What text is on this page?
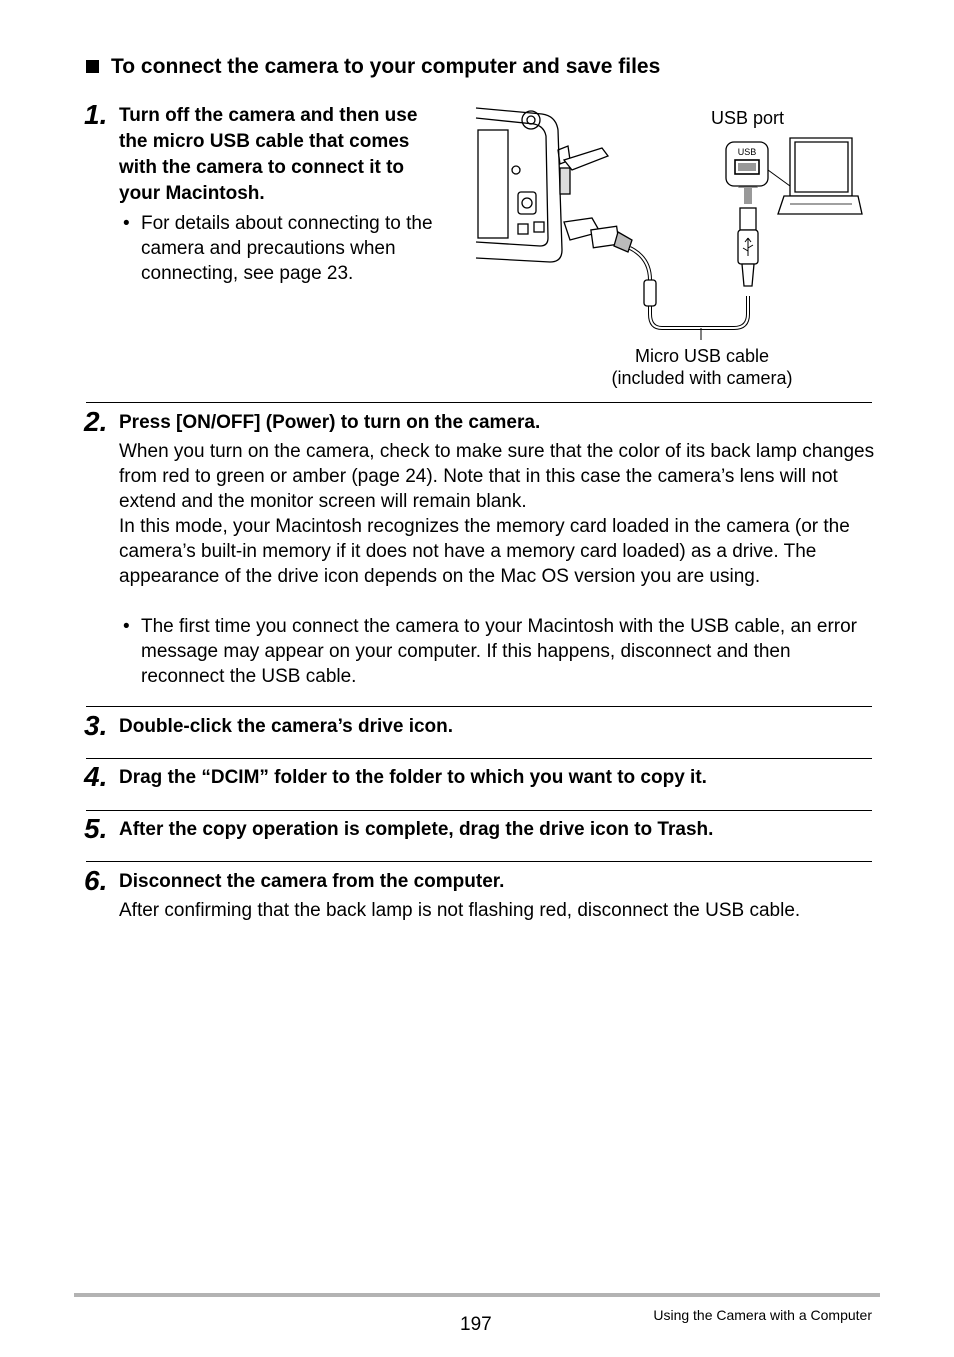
To connect the camera to your computer and save files
1. Turn off the camera and then use the micro USB cable that comes with the camera to connect it to your Macintosh.
• For details about connecting to the camera and precautions when connecting, see page 23.
USB
USB port
Micro USB cable
(included with camera)
2. Press [ON/OFF] (Power) to turn on the camera.
When you turn on the camera, check to make sure that the color of its back lamp changes from red to green or amber (page 24). Note that in this case the camera’s lens will not extend and the monitor screen will remain blank.
In this mode, your Macintosh recognizes the memory card loaded in the camera (or the camera’s built-in memory if it does not have a memory card loaded) as a drive. The appearance of the drive icon depends on the Mac OS version you are using.
• The first time you connect the camera to your Macintosh with the USB cable, an error message may appear on your computer. If this happens, disconnect and then reconnect the USB cable.
3. Double-click the camera’s drive icon.
4. Drag the “DCIM” folder to the folder to which you want to copy it.
5. After the copy operation is complete, drag the drive icon to Trash.
6. Disconnect the camera from the computer.
After confirming that the back lamp is not flashing red, disconnect the USB cable.
197	Using the Camera with a Computer
